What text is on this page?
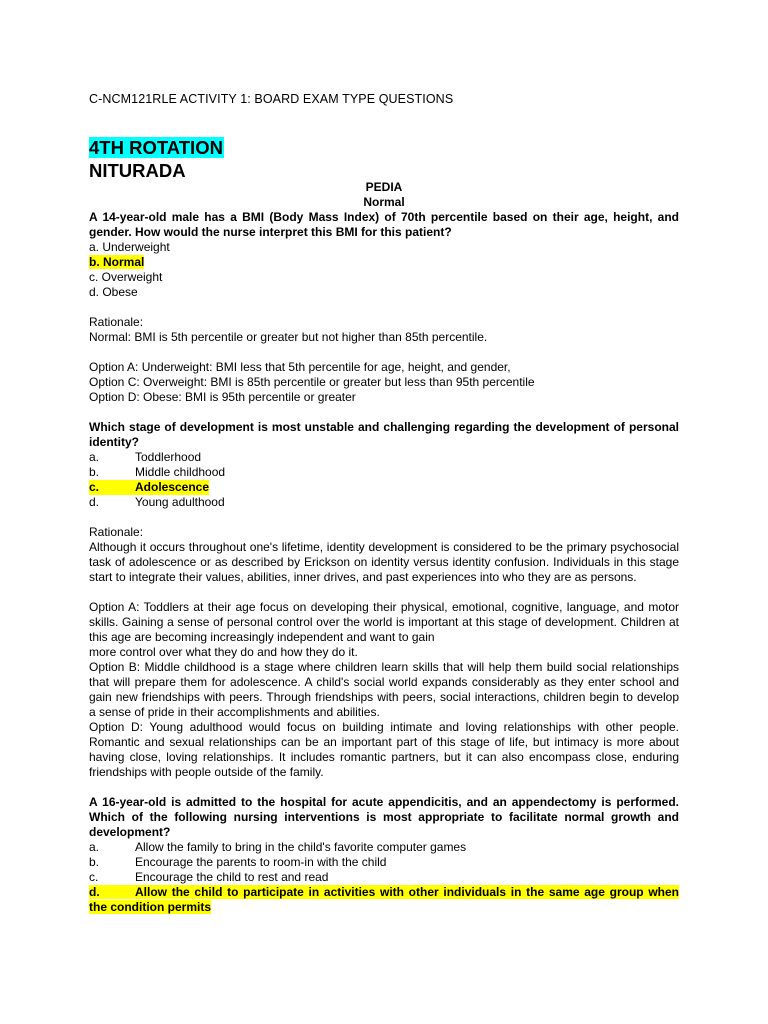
C-NCM121RLE ACTIVITY 1: BOARD EXAM TYPE QUESTIONS
4TH ROTATION
NITURADA
PEDIA
Normal
A 14-year-old male has a BMI (Body Mass Index) of 70th percentile based on their age, height, and gender. How would the nurse interpret this BMI for this patient?
a. Underweight
b. Normal
c. Overweight
d. Obese
Rationale:
Normal: BMI is 5th percentile or greater but not higher than 85th percentile.
Option A: Underweight: BMI less that 5th percentile for age, height, and gender,
Option C: Overweight: BMI is 85th percentile or greater but less than 95th percentile
Option D: Obese: BMI is 95th percentile or greater
Which stage of development is most unstable and challenging regarding the development of personal identity?
a.	Toddlerhood
b.	Middle childhood
c.	Adolescence
d.	Young adulthood
Rationale:
Although it occurs throughout one's lifetime, identity development is considered to be the primary psychosocial task of adolescence or as described by Erickson on identity versus identity confusion. Individuals in this stage start to integrate their values, abilities, inner drives, and past experiences into who they are as persons.
Option A: Toddlers at their age focus on developing their physical, emotional, cognitive, language, and motor skills. Gaining a sense of personal control over the world is important at this stage of development. Children at this age are becoming increasingly independent and want to gain
more control over what they do and how they do it.
Option B: Middle childhood is a stage where children learn skills that will help them build social relationships that will prepare them for adolescence. A child's social world expands considerably as they enter school and gain new friendships with peers. Through friendships with peers, social interactions, children begin to develop a sense of pride in their accomplishments and abilities.
Option D: Young adulthood would focus on building intimate and loving relationships with other people. Romantic and sexual relationships can be an important part of this stage of life, but intimacy is more about having close, loving relationships. It includes romantic partners, but it can also encompass close, enduring friendships with people outside of the family.
A 16-year-old is admitted to the hospital for acute appendicitis, and an appendectomy is performed. Which of the following nursing interventions is most appropriate to facilitate normal growth and development?
a.	Allow the family to bring in the child's favorite computer games
b.	Encourage the parents to room-in with the child
c.	Encourage the child to rest and read
d.	Allow the child to participate in activities with other individuals in the same age group when the condition permits
